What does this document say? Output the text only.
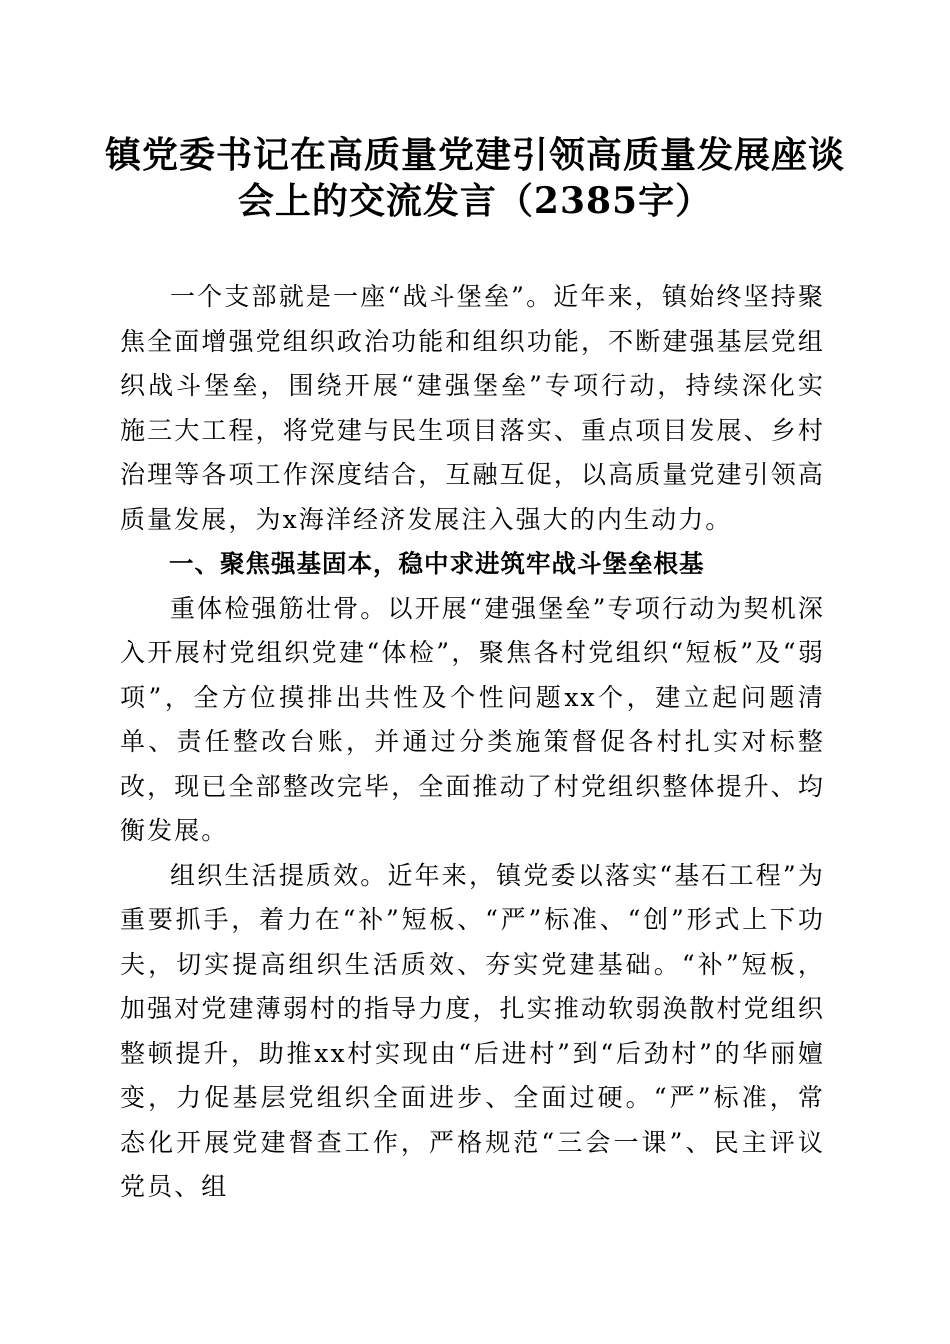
镇党委书记在高质量党建引领高质量发展座谈
会上的交流发言（2385字）

一个支部就是一座“战斗堡垒”。近年来，镇始终坚持聚焦全面增强党组织政治功能和组织功能，不断建强基层党组织战斗堡垒，围绕开展“建强堡垒”专项行动，持续深化实施三大工程，将党建与民生项目落实、重点项目发展、乡村治理等各项工作深度结合，互融互促，以高质量党建引领高质量发展，为x海洋经济发展注入强大的内生动力。

一、聚焦强基固本，稳中求进筑牢战斗堡垒根基

重体检强筋壮骨。以开展“建强堡垒”专项行动为契机深入开展村党组织党建“体检”，聚焦各村党组织“短板”及“弱项”，全方位摸排出共性及个性问题xx个，建立起问题清单、责任整改台账，并通过分类施策督促各村扎实对标整改，现已全部整改完毕，全面推动了村党组织整体提升、均衡发展。

组织生活提质效。近年来，镇党委以落实“基石工程”为重要抓手，着力在“补”短板、“严”标准、“创”形式上下功夫，切实提高组织生活质效、夯实党建基础。“补”短板，加强对党建薄弱村的指导力度，扎实推动软弱涣散村党组织整顿提升，助推xx村实现由“后进村”到“后劲村”的华丽嬗变，力促基层党组织全面进步、全面过硬。“严”标准，常态化开展党建督查工作，严格规范“三会一课”、民主评议党员、组
